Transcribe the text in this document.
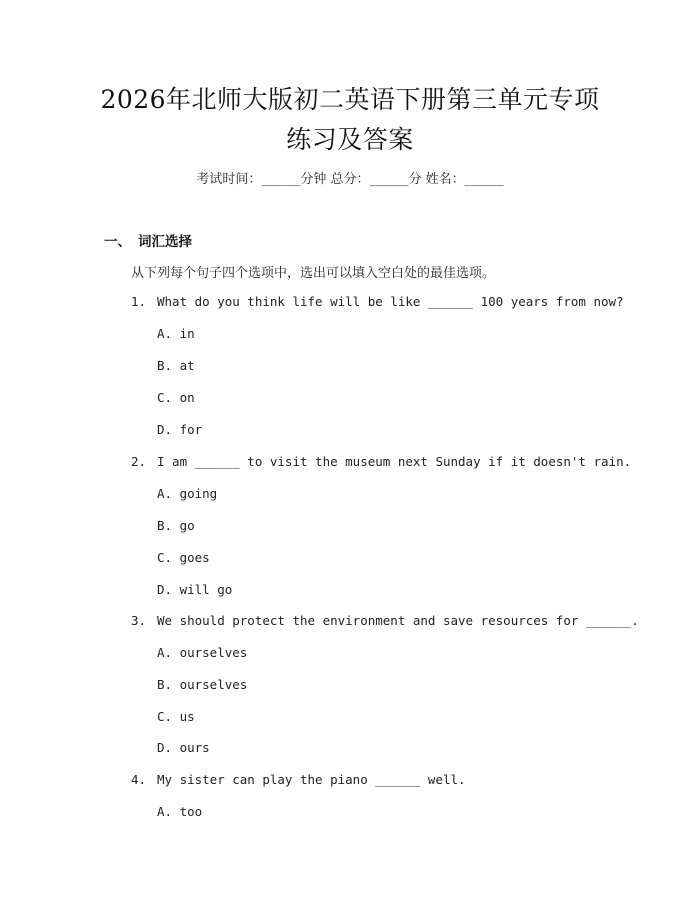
2026年北师大版初二英语下册第三单元专项
练习及答案
考试时间：______分钟 总分：______分 姓名：______
一、 词汇选择
从下列每个句子四个选项中，选出可以填入空白处的最佳选项。
1. What do you think life will be like ______ 100 years from now?
A. in
B. at
C. on
D. for
2. I am ______ to visit the museum next Sunday if it doesn't rain.
A. going
B. go
C. goes
D. will go
3. We should protect the environment and save resources for ______.
A. ourselves
B. ourselves
C. us
D. ours
4. My sister can play the piano ______ well.
A. too
